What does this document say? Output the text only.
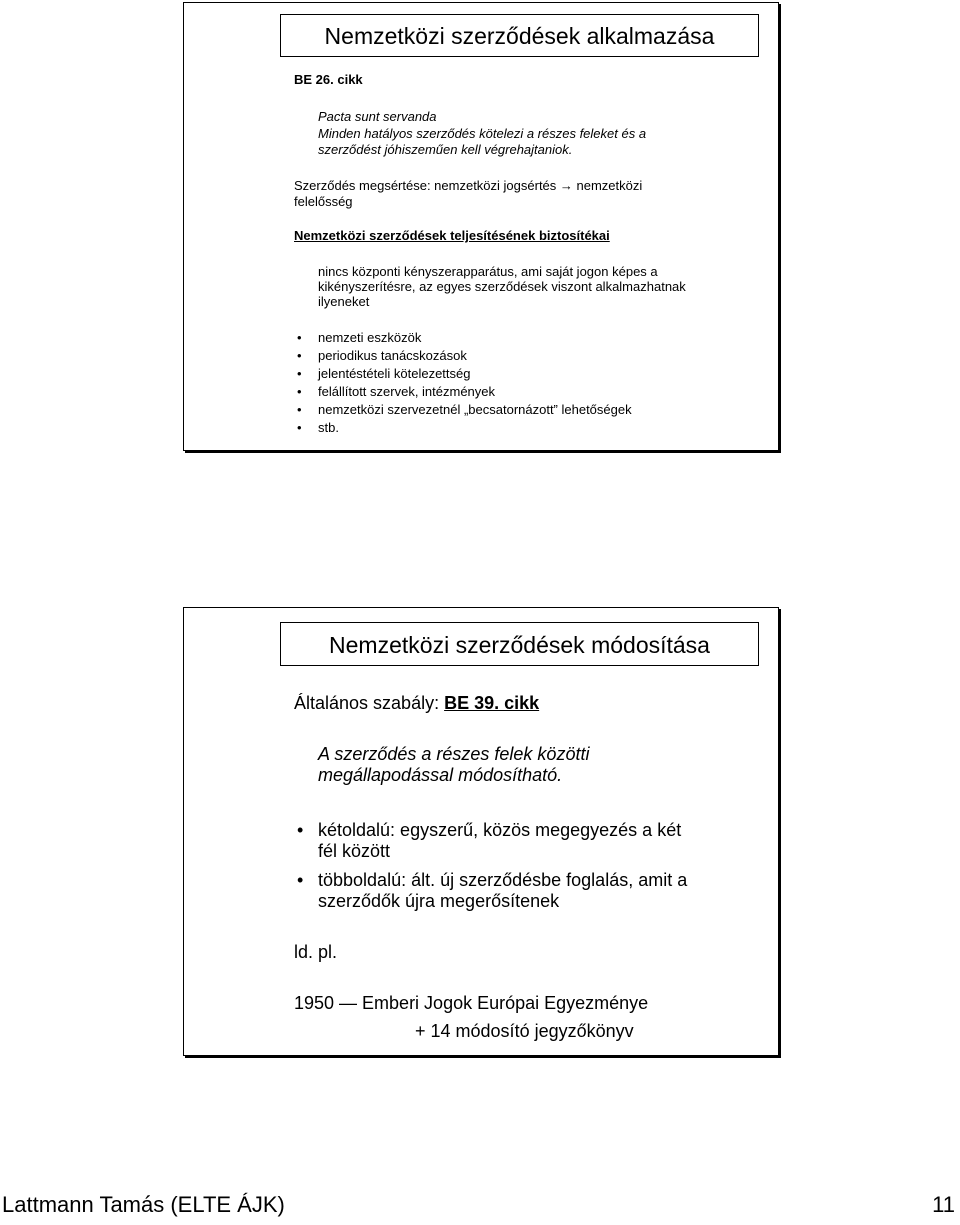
Nemzetközi szerződések alkalmazása
BE 26. cikk
Pacta sunt servanda
Minden hatályos szerződés kötelezi a részes feleket és a
szerződést jóhiszeműen kell végrehajtaniok.
Szerződés megsértése: nemzetközi jogsértés → nemzetközi
felelősség
Nemzetközi szerződések teljesítésének biztosítékai
nincs központi kényszerapparátus, ami saját jogon képes a
kikényszerítésre, az egyes szerződések viszont alkalmazhatnak
ilyeneket
• nemzeti eszközök
• periodikus tanácskozások
• jelentéstételi kötelezettség
• felállított szervek, intézmények
• nemzetközi szervezetnél „becsatornázott” lehetőségek
• stb.
Nemzetközi szerződések módosítása
Általános szabály: BE 39. cikk
A szerződés a részes felek közötti
megállapodással módosítható.
• kétoldalú: egyszerű, közös megegyezés a két
fél között
• többoldalú: ált. új szerződésbe foglalás, amit a
szerződők újra megerősítenek
ld. pl.
1950 — Emberi Jogok Európai Egyezménye
+ 14 módosító jegyzőkönyv
Lattmann Tamás (ELTE ÁJK)	11
